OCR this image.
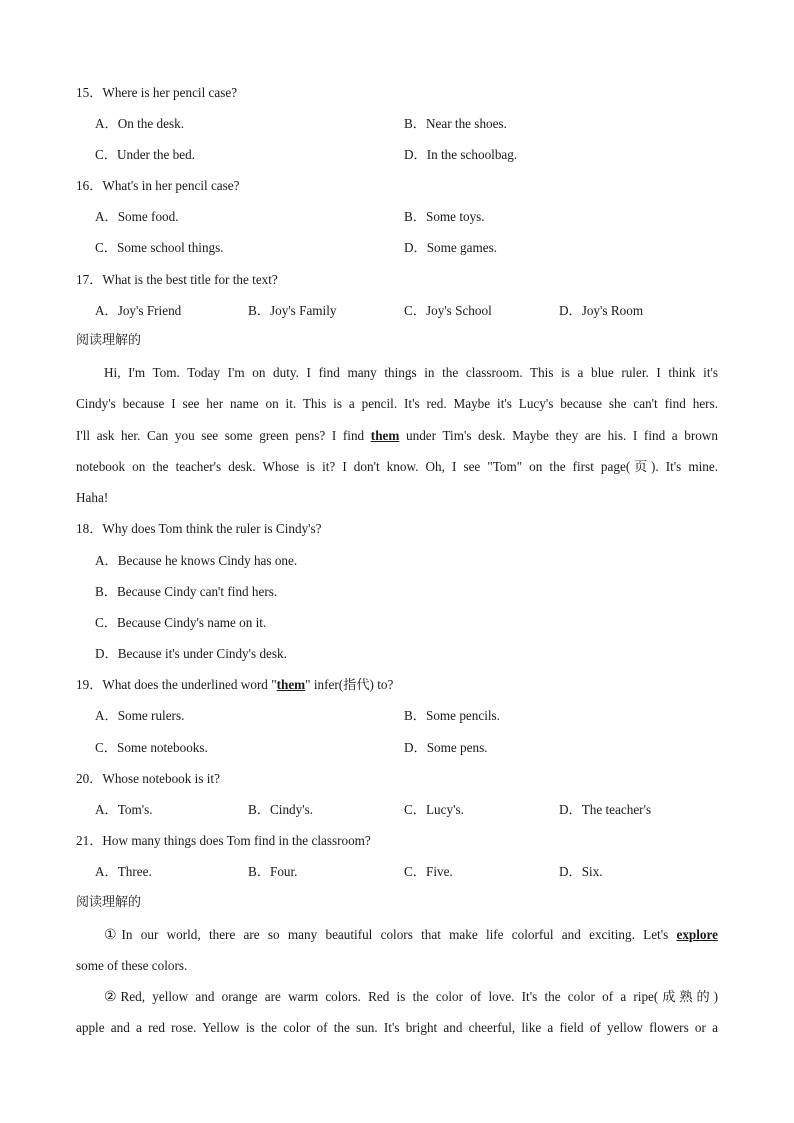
15．Where is her pencil case?
A．On the desk.	B．Near the shoes.
C．Under the bed.	D．In the schoolbag.
16．What's in her pencil case?
A．Some food.	B．Some toys.
C．Some school things.	D．Some games.
17．What is the best title for the text?
A．Joy's Friend	B．Joy's Family	C．Joy's School	D．Joy's Room
阅读理解的
Hi, I'm Tom. Today I'm on duty. I find many things in the classroom. This is a blue ruler. I think it's
Cindy's because I see her name on it. This is a pencil. It's red. Maybe it's Lucy's because she can't find hers.
I'll ask her. Can you see some green pens? I find them under Tim's desk. Maybe they are his. I find a brown
notebook on the teacher's desk. Whose is it? I don't know. Oh, I see "Tom" on the first page(页). It's mine.
Haha!
18．Why does Tom think the ruler is Cindy's?
A．Because he knows Cindy has one.
B．Because Cindy can't find hers.
C．Because Cindy's name on it.
D．Because it's under Cindy's desk.
19．What does the underlined word "them" infer(指代) to?
A．Some rulers.	B．Some pencils.
C．Some notebooks.	D．Some pens.
20．Whose notebook is it?
A．Tom's.	B．Cindy's.	C．Lucy's.	D．The teacher's
21．How many things does Tom find in the classroom?
A．Three.	B．Four.	C．Five.	D．Six.
阅读理解的
①In our world, there are so many beautiful colors that make life colorful and exciting. Let's explore
some of these colors.
②Red, yellow and orange are warm colors. Red is the color of love. It's the color of a ripe(成熟的)
apple and a red rose. Yellow is the color of the sun. It's bright and cheerful, like a field of yellow flowers or a
